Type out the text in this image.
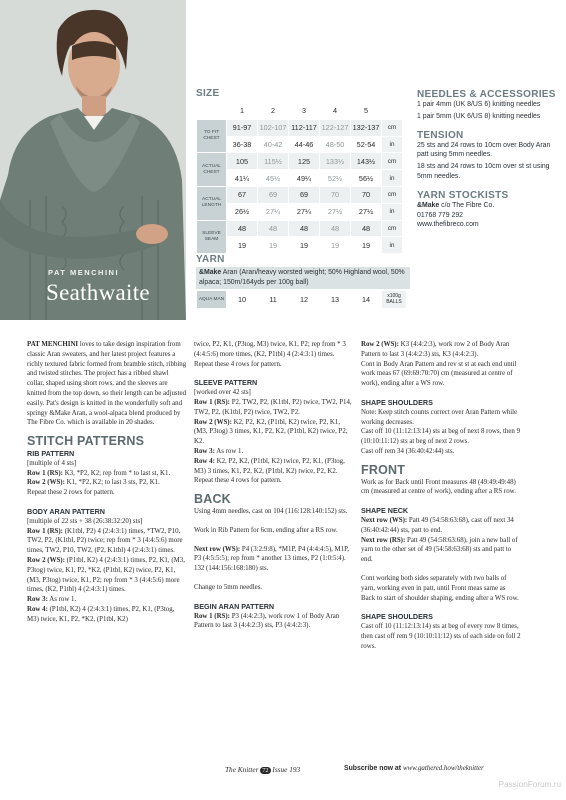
PAT MENCHINI
Seathwaite
SIZE
	1	2	3	4	5	
TO FIT CHEST	91-97	102-107	112-117	122-127	132-137	cm
	36-38	40-42	44-46	48-50	52-54	in
ACTUAL CHEST	105	115½	125	133½	143½	cm
	41¼	45½	49¼	52½	56½	in
ACTUAL LENGTH	67	69	69	70	70	cm
	26½	27¼	27¼	27½	27½	in
SLEEVE SEAM	48	48	48	48	48	cm
	19	19	19	19	19	in
YARN
&Make Aran (Aran/heavy worsted weight; 50% Highland wool, 50% alpaca; 150m/164yds per 100g ball)
AQUA MAN	10	11	12	13	14	x100g BALLS
NEEDLES & ACCESSORIES

1 pair 4mm (UK 8/US 6) knitting needles

1 pair 5mm (UK 6/US 8) knitting needles

TENSION

25 sts and 24 rows to 10cm over Body Aran patt using 5mm needles.

18 sts and 24 rows to 10cm over st st using 5mm needles.

YARN STOCKISTS

&Make c/o The Fibre Co.

01768 779 292

www.thefibreco.com

PAT MENCHINI loves to take design inspiration from classic Aran sweaters, and her latest project features a richly textured fabric formed from bramble stitch, ribbing and twisted stitches. The project has a ribbed shawl collar, shaped using short rows, and the sleeves are knitted from the top down, so their length can be adjusted easily. Pat's design is knitted in the wonderfully soft and springy &Make Aran, a wool-alpaca blend produced by The Fibre Co. which is available in 20 shades.

STITCH PATTERNS
RIB PATTERN
[multiple of 4 sts]
Row 1 (RS): K3, *P2, K2; rep from * to last st, K1.
Row 2 (WS): K1, *P2, K2; to last 3 sts, P2, K1.

Repeat these 2 rows for pattern.

BODY ARAN PATTERN
[multiple of 22 sts + 38 (26:38:32:20) sts]
Row 1 (RS): (K1tbl, P2) 4 (2:4:3:1) times, *TW2, P10, TW2, P2, (K1tbl, P2) twice; rep from * 3 (4:4:5:6) more times, TW2, P10, TW2, (P2, K1tbl) 4 (2:4:3:1) times.
Row 2 (WS): (P1tbl, K2) 4 (2:4:3:1) times, P2, K1, (M3, P3tog) twice, K1, P2, *K2, (P1tbl, K2) twice, P2, K1, (M3, P3tog) twice, K1, P2; rep from * 3 (4:4:5:6) more times, (K2, P1tbl) 4 (2:4:3:1) times.
Row 3: As row 1.
Row 4: (P1tbl, K2) 4 (2:4:3:1) times, P2, K1, (P3tog, M3) twice, K1, P2, *K2, (P1tbl, K2)
twice, P2, K1, (P3tog, M3) twice, K1, P2; rep from * 3 (4:4:5:6) more times, (K2, P1tbl) 4 (2:4:3:1) times.

Repeat these 4 rows for pattern.

SLEEVE PATTERN
[worked over 42 sts]
Row 1 (RS): P2, TW2, P2, (K1tbl, P2) twice, TW2, P14, TW2, P2, (K1tbl, P2) twice, TW2, P2.
Row 2 (WS): K2, P2, K2, (P1tbl, K2) twice, P2, K1, (M3, P3tog) 3 times, K1, P2, K2, (P1tbl, K2) twice, P2, K2.
Row 3: As row 1.
Row 4: K2, P2, K2, (P1tbl, K2) twice, P2, K1, (P3tog, M3) 3 times, K1, P2, K2, (P1tbl, K2) twice, P2, K2.

Repeat these 4 rows for pattern.

BACK

Using 4mm needles, cast on 104 (116:128:140:152) sts.

Work in Rib Pattern for 6cm, ending after a RS row.

Next row (WS): P4 (3:2:9:8), *M1P, P4 (4:4:4:5), M1P, P3 (4:5:5:5); rep from * another 13 times, P2 (1:0:5:4). 132 (144:156:168:180) sts.

Change to 5mm needles.

BEGIN ARAN PATTERN
Row 1 (RS): P3 (4:4:2:3), work row 1 of Body Aran Pattern to last 3 (4:4:2:3) sts, P3 (4:4:2:3).
Row 2 (WS): K3 (4:4:2:3), work row 2 of Body Aran Pattern to last 3 (4:4:2:3) sts, K3 (4:4:2:3).

Cont in Body Aran Pattern and rev st st at each end until work meas 67 (69:69:70:70) cm (measured at centre of work), ending after a WS row.

SHAPE SHOULDERS
Note: Keep stitch counts correct over Aran Pattern while working decreases.
Cast off 10 (11:12:13:14) sts at beg of next 8 rows, then 9 (10:10:11:12) sts at beg of next 2 rows.

Cast off rem 34 (36:40:42:44) sts.

FRONT

Work as for Back until Front measures 48 (49:49:49:48) cm (measured at centre of work), ending after a RS row.

SHAPE NECK
Next row (WS): Patt 49 (54:58:63:68), cast off next 34 (36:40:42:44) sts, patt to end.

Next row (RS): Patt 49 (54:58:63:68), join a new ball of yarn to the other set of 49 (54:58:63:68) sts and patt to end.

Cont working both sides separately with two balls of yarn, working even in patt, until Front meas same as Back to start of shoulder shaping, ending after a WS row.

SHAPE SHOULDERS
Cast off 10 (11:12:13:14) sts at beg of every row 8 times, then cast off rem 9 (10:10:11:12) sts of each side on foll 2 rows.
The Knitter 72 Issue 193	Subscribe now at www.gathered.how/theknitter
PassionForum.ru
